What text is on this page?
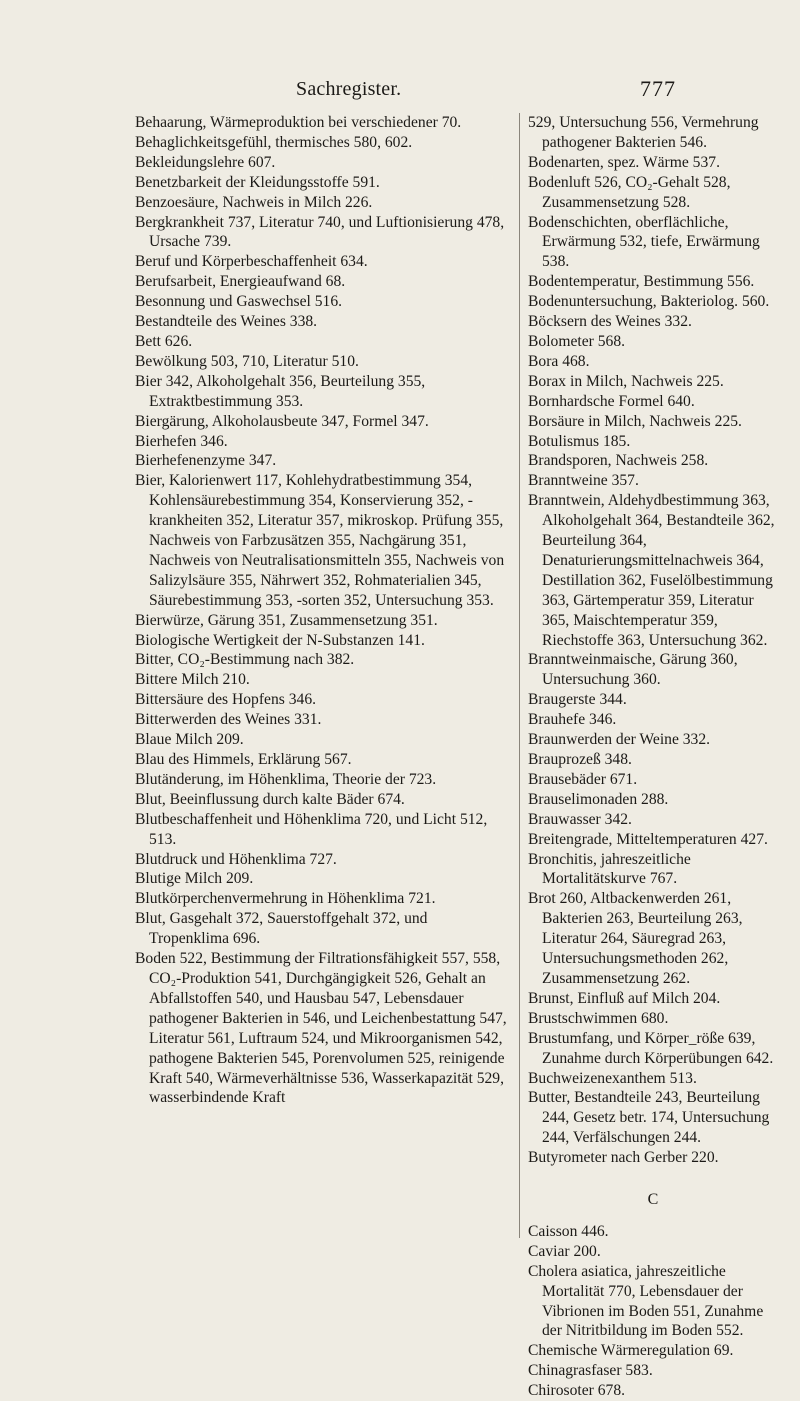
Sachregister.	777

Behaarung, Wärmeproduktion bei verschiedener 70.

Behaglichkeitsgefühl, thermisches 580, 602.

Bekleidungslehre 607.

Benetzbarkeit der Kleidungsstoffe 591.

Benzoesäure, Nachweis in Milch 226.

Bergkrankheit 737, Literatur 740, und Luftionisierung 478, Ursache 739.

Beruf und Körperbeschaffenheit 634.

Berufsarbeit, Energieaufwand 68.

Besonnung und Gaswechsel 516.

Bestandteile des Weines 338.

Bett 626.

Bewölkung 503, 710, Literatur 510.

Bier 342, Alkoholgehalt 356, Beurteilung 355, Extraktbestimmung 353.

Biergärung, Alkoholausbeute 347, Formel 347.

Bierhefen 346.

Bierhefenenzyme 347.

Bier, Kalorienwert 117, Kohlehydratbestimmung 354, Kohlensäurebestimmung 354, Konservierung 352, -krankheiten 352, Literatur 357, mikroskop. Prüfung 355, Nachweis von Farbzusätzen 355, Nachgärung 351, Nachweis von Neutralisationsmitteln 355, Nachweis von Salizylsäure 355, Nährwert 352, Rohmaterialien 345, Säurebestimmung 353, -sorten 352, Untersuchung 353.

Bierwürze, Gärung 351, Zusammensetzung 351.

Biologische Wertigkeit der N-Substanzen 141.

Bitter, CO₂-Bestimmung nach 382.

Bittere Milch 210.

Bittersäure des Hopfens 346.

Bitterwerden des Weines 331.

Blaue Milch 209.

Blau des Himmels, Erklärung 567.

Blutänderung, im Höhenklima, Theorie der 723.

Blut, Beeinflussung durch kalte Bäder 674.

Blutbeschaffenheit und Höhenklima 720, und Licht 512, 513.

Blutdruck und Höhenklima 727.

Blutige Milch 209.

Blutkörperchenvermehrung in Höhenklima 721.

Blut, Gasgehalt 372, Sauerstoffgehalt 372, und Tropenklima 696.

Boden 522, Bestimmung der Filtrationsfähigkeit 557, 558, CO₂-Produktion 541, Durchgängigkeit 526, Gehalt an Abfallstoffen 540, und Hausbau 547, Lebensdauer pathogener Bakterien in 546, und Leichenbestattung 547, Literatur 561, Luftraum 524, und Mikroorganismen 542, pathogene Bakterien 545, Porenvolumen 525, reinigende Kraft 540, Wärmeverhältnisse 536, Wasserkapazität 529, wasserbindende Kraft

529, Untersuchung 556, Vermehrung pathogener Bakterien 546.

Bodenarten, spez. Wärme 537.

Bodenluft 526, CO₂-Gehalt 528, Zusammensetzung 528.

Bodenschichten, oberflächliche, Erwärmung 532, tiefe, Erwärmung 538.

Bodentemperatur, Bestimmung 556.

Bodenuntersuchung, Bakteriolog. 560.

Böcksern des Weines 332.

Bolometer 568.

Bora 468.

Borax in Milch, Nachweis 225.

Bornhardsche Formel 640.

Borsäure in Milch, Nachweis 225.

Botulismus 185.

Brandsporen, Nachweis 258.

Branntweine 357.

Branntwein, Aldehydbestimmung 363, Alkoholgehalt 364, Bestandteile 362, Beurteilung 364, Denaturierungsmittelnachweis 364, Destillation 362, Fuselölbestimmung 363, Gärtemperatur 359, Literatur 365, Maischtemperatur 359, Riechstoffe 363, Untersuchung 362.

Branntweinmaische, Gärung 360, Untersuchung 360.

Braugerste 344.

Brauhefe 346.

Braunwerden der Weine 332.

Brauprozeß 348.

Brausebäder 671.

Brauselimonaden 288.

Brauwasser 342.

Breitengrade, Mitteltemperaturen 427.

Bronchitis, jahreszeitliche Mortalitätskurve 767.

Brot 260, Altbackenwerden 261, Bakterien 263, Beurteilung 263, Literatur 264, Säuregrad 263, Untersuchungsmethoden 262, Zusammensetzung 262.

Brunst, Einfluß auf Milch 204.

Brustschwimmen 680.

Brustumfang, und Körper_röße 639, Zunahme durch Körperübungen 642.

Buchweizenexanthem 513.

Butter, Bestandteile 243, Beurteilung 244, Gesetz betr. 174, Untersuchung 244, Verfälschungen 244.

Butyrometer nach Gerber 220.

C

Caisson 446.

Caviar 200.

Cholera asiatica, jahreszeitliche Mortalität 770, Lebensdauer der Vibrionen im Boden 551, Zunahme der Nitritbildung im Boden 552.

Chemische Wärmeregulation 69.

Chinagrasfaser 583.

Chirosoter 678.
